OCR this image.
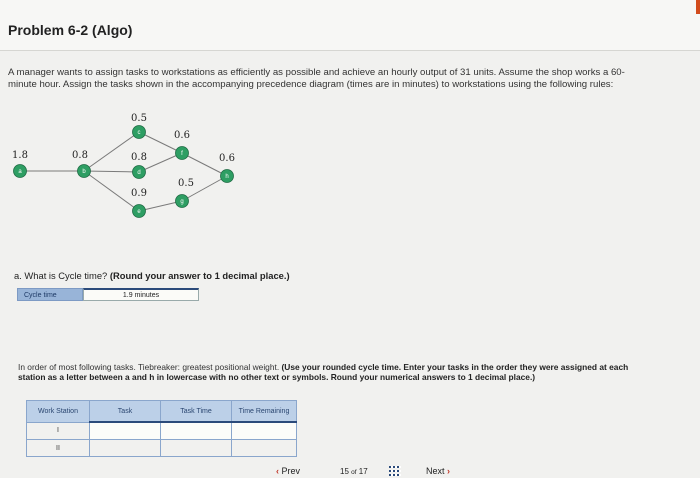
Problem 6-2 (Algo)
A manager wants to assign tasks to workstations as efficiently as possible and achieve an hourly output of 31 units. Assume the shop works a 60-minute hour. Assign the tasks shown in the accompanying precedence diagram (times are in minutes) to workstations using the following rules:
a
1.8
b
0.8
c
0.5
d
0.8
e
0.9
f
0.6
g
0.5
h
0.6
a. What is Cycle time? (Round your answer to 1 decimal place.)
Cycle time	1.9 minutes
In order of most following tasks. Tiebreaker: greatest positional weight. (Use your rounded cycle time. Enter your tasks in the order they were assigned at each station as a letter between a and h in lowercase with no other text or symbols. Round your numerical answers to 1 decimal place.)
Work Station	Task	Task Time	Time Remaining
I			
II			
‹ Prev	15 of 17	Next ›
